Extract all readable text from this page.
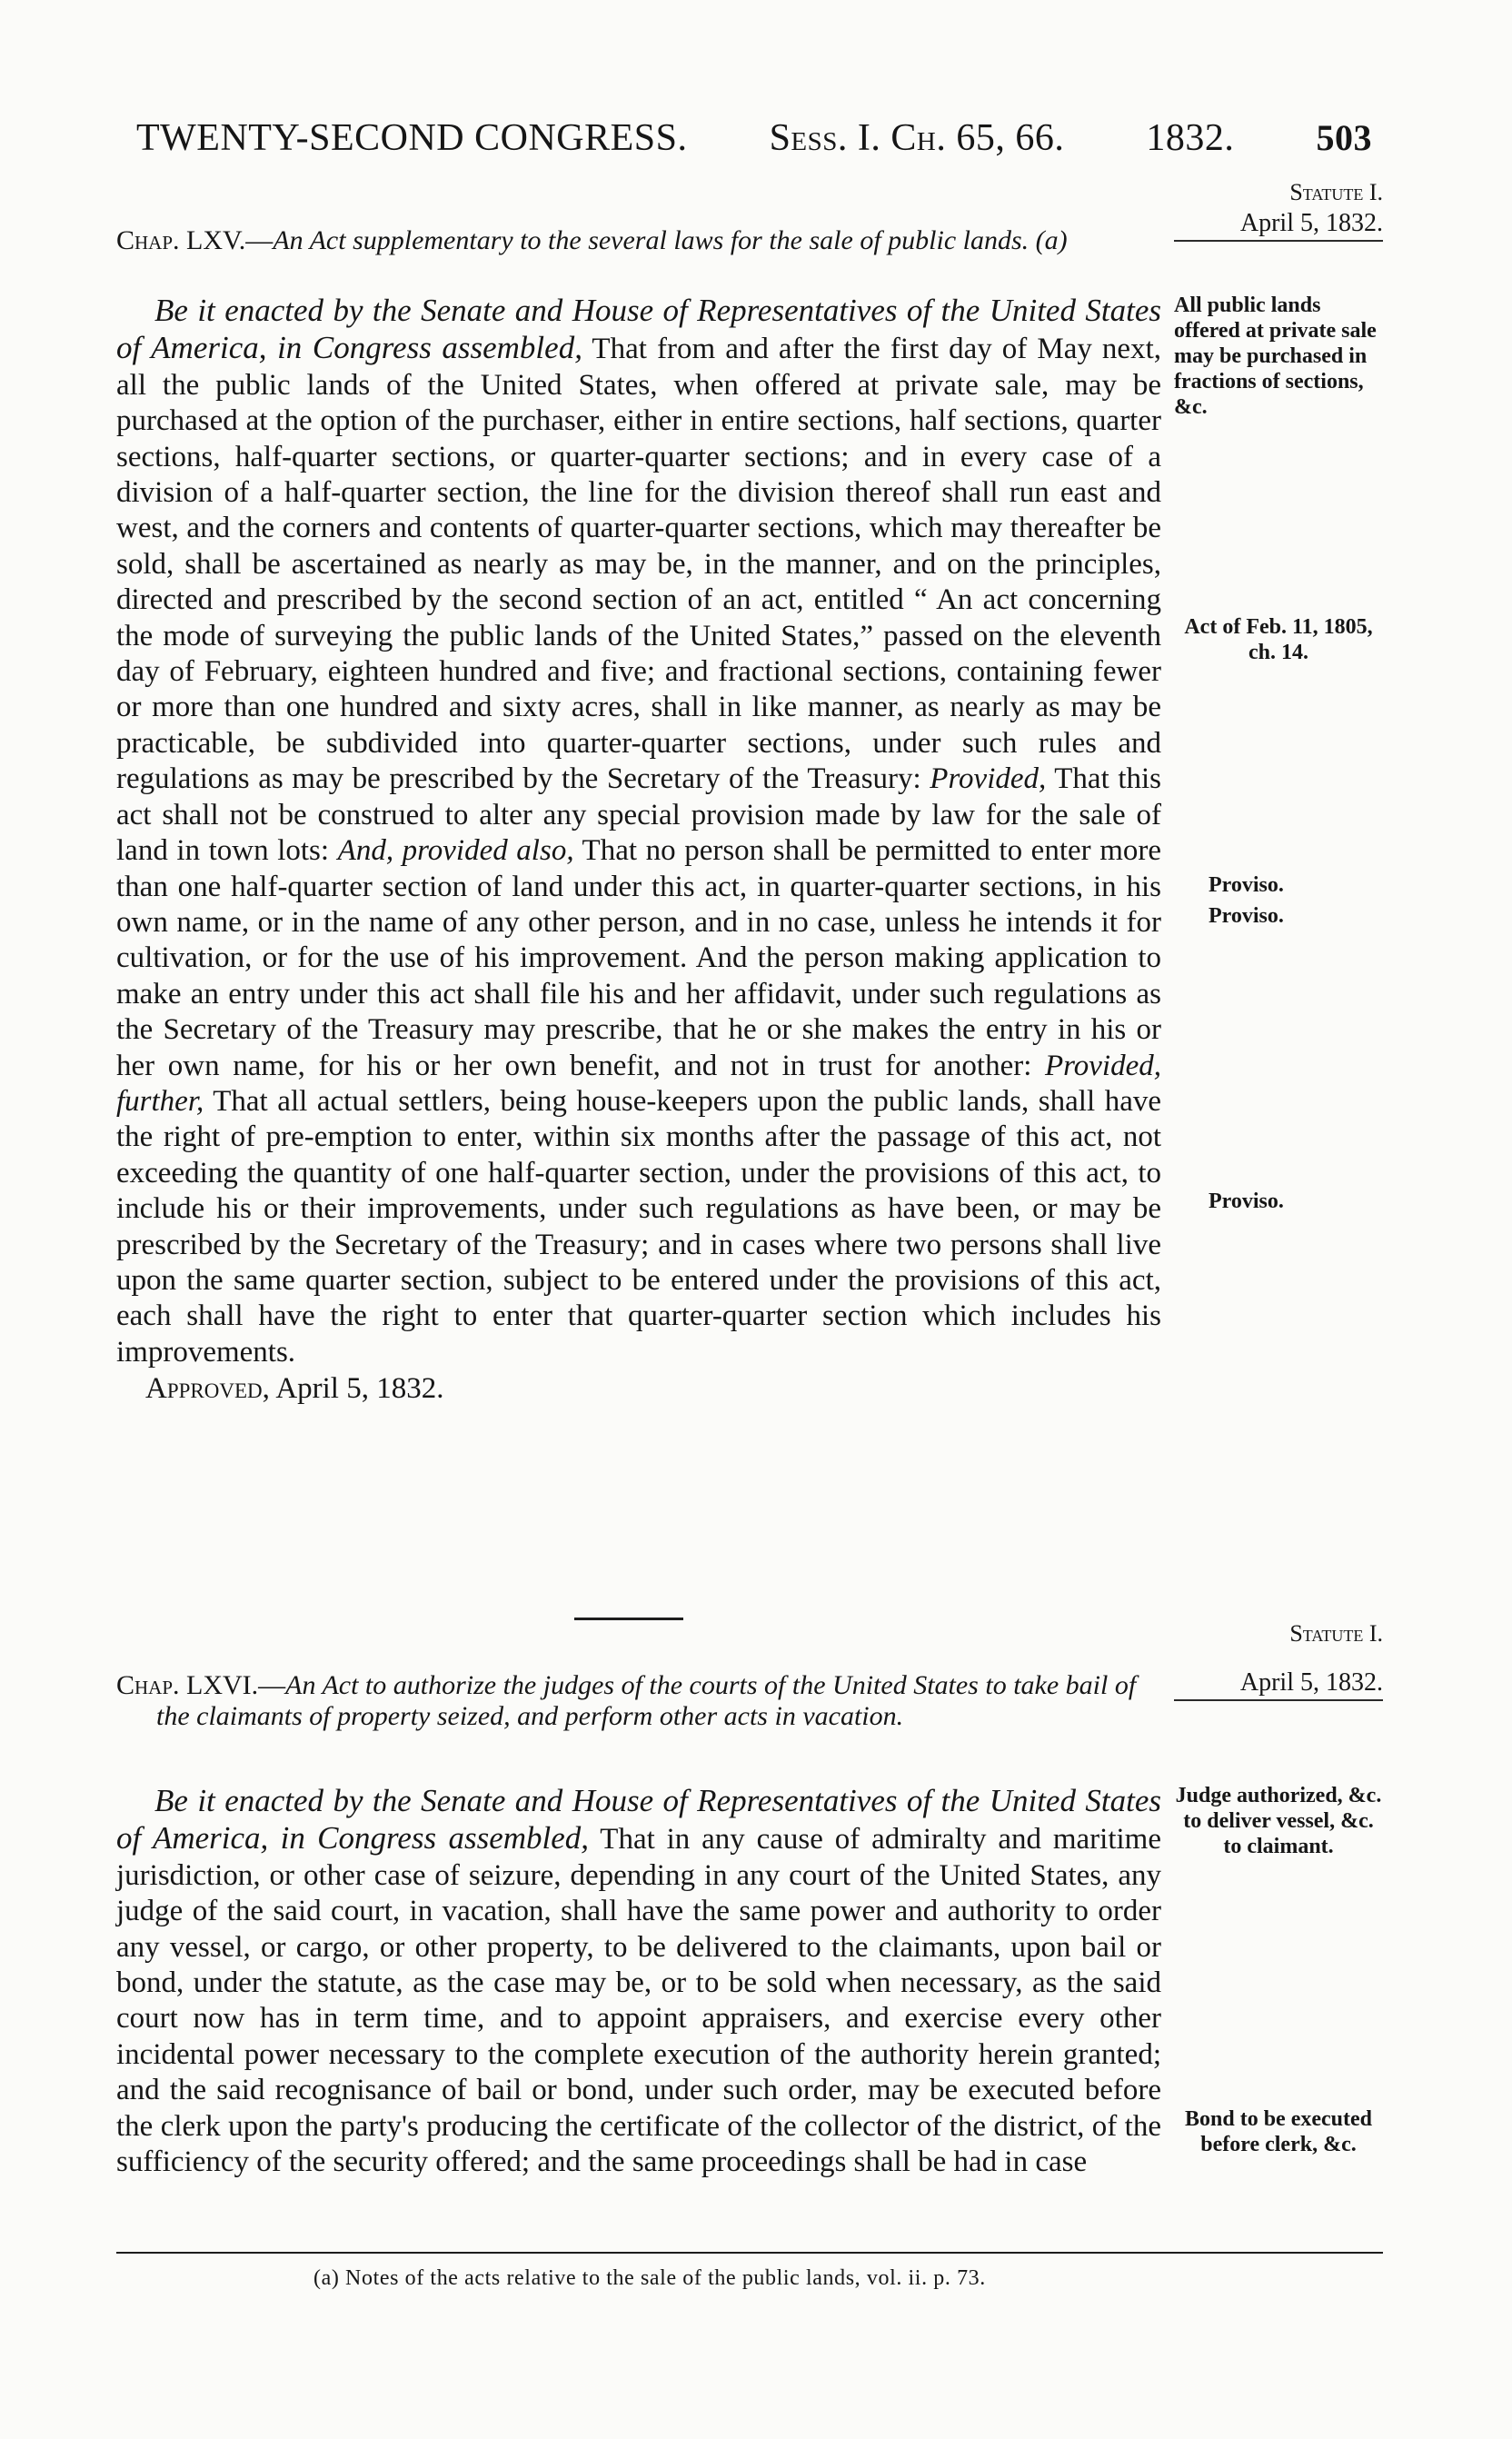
TWENTY-SECOND CONGRESS. Sess. I. Ch. 65, 66. 1832. 503
Statute I.
April 5, 1832.

Chap. LXV.—An Act supplementary to the several laws for the sale of public lands. (a)

Be it enacted by the Senate and House of Representatives of the United States of America, in Congress assembled, That from and after the first day of May next, all the public lands of the United States, when offered at private sale, may be purchased at the option of the purchaser, either in entire sections, half sections, quarter sections, half-quarter sections, or quarter-quarter sections; and in every case of a division of a half-quarter section, the line for the division thereof shall run east and west, and the corners and contents of quarter-quarter sections, which may thereafter be sold, shall be ascertained as nearly as may be, in the manner, and on the principles, directed and prescribed by the second section of an act, entitled “ An act concerning the mode of surveying the public lands of the United States,” passed on the eleventh day of February, eighteen hundred and five; and fractional sections, containing fewer or more than one hundred and sixty acres, shall in like manner, as nearly as may be practicable, be subdivided into quarter-quarter sections, under such rules and regulations as may be prescribed by the Secretary of the Treasury: Provided, That this act shall not be construed to alter any special provision made by law for the sale of land in town lots: And, provided also, That no person shall be permitted to enter more than one half-quarter section of land under this act, in quarter-quarter sections, in his own name, or in the name of any other person, and in no case, unless he intends it for cultivation, or for the use of his improvement. And the person making application to make an entry under this act shall file his and her affidavit, under such regulations as the Secretary of the Treasury may prescribe, that he or she makes the entry in his or her own name, for his or her own benefit, and not in trust for another: Provided, further, That all actual settlers, being house-keepers upon the public lands, shall have the right of pre-emption to enter, within six months after the passage of this act, not exceeding the quantity of one half-quarter section, under the provisions of this act, to include his or their improvements, under such regulations as have been, or may be prescribed by the Secretary of the Treasury; and in cases where two persons shall live upon the same quarter section, subject to be entered under the provisions of this act, each shall have the right to enter that quarter-quarter section which includes his improvements.

Approved, April 5, 1832.

All public lands offered at private sale may be purchased in fractions of sections, &c.

Act of Feb. 11, 1805, ch. 14.

Proviso.
Proviso.
Proviso.
Statute I.
April 5, 1832.

Chap. LXVI.—An Act to authorize the judges of the courts of the United States to take bail of the claimants of property seized, and perform other acts in vacation.

Be it enacted by the Senate and House of Representatives of the United States of America, in Congress assembled, That in any cause of admiralty and maritime jurisdiction, or other case of seizure, depending in any court of the United States, any judge of the said court, in vacation, shall have the same power and authority to order any vessel, or cargo, or other property, to be delivered to the claimants, upon bail or bond, under the statute, as the case may be, or to be sold when necessary, as the said court now has in term time, and to appoint appraisers, and exercise every other incidental power necessary to the complete execution of the authority herein granted; and the said recognisance of bail or bond, under such order, may be executed before the clerk upon the party's producing the certificate of the collector of the district, of the sufficiency of the security offered; and the same proceedings shall be had in case

Judge authorized, &c. to deliver vessel, &c. to claimant.

Bond to be executed before clerk, &c.

(a) Notes of the acts relative to the sale of the public lands, vol. ii. p. 73.
